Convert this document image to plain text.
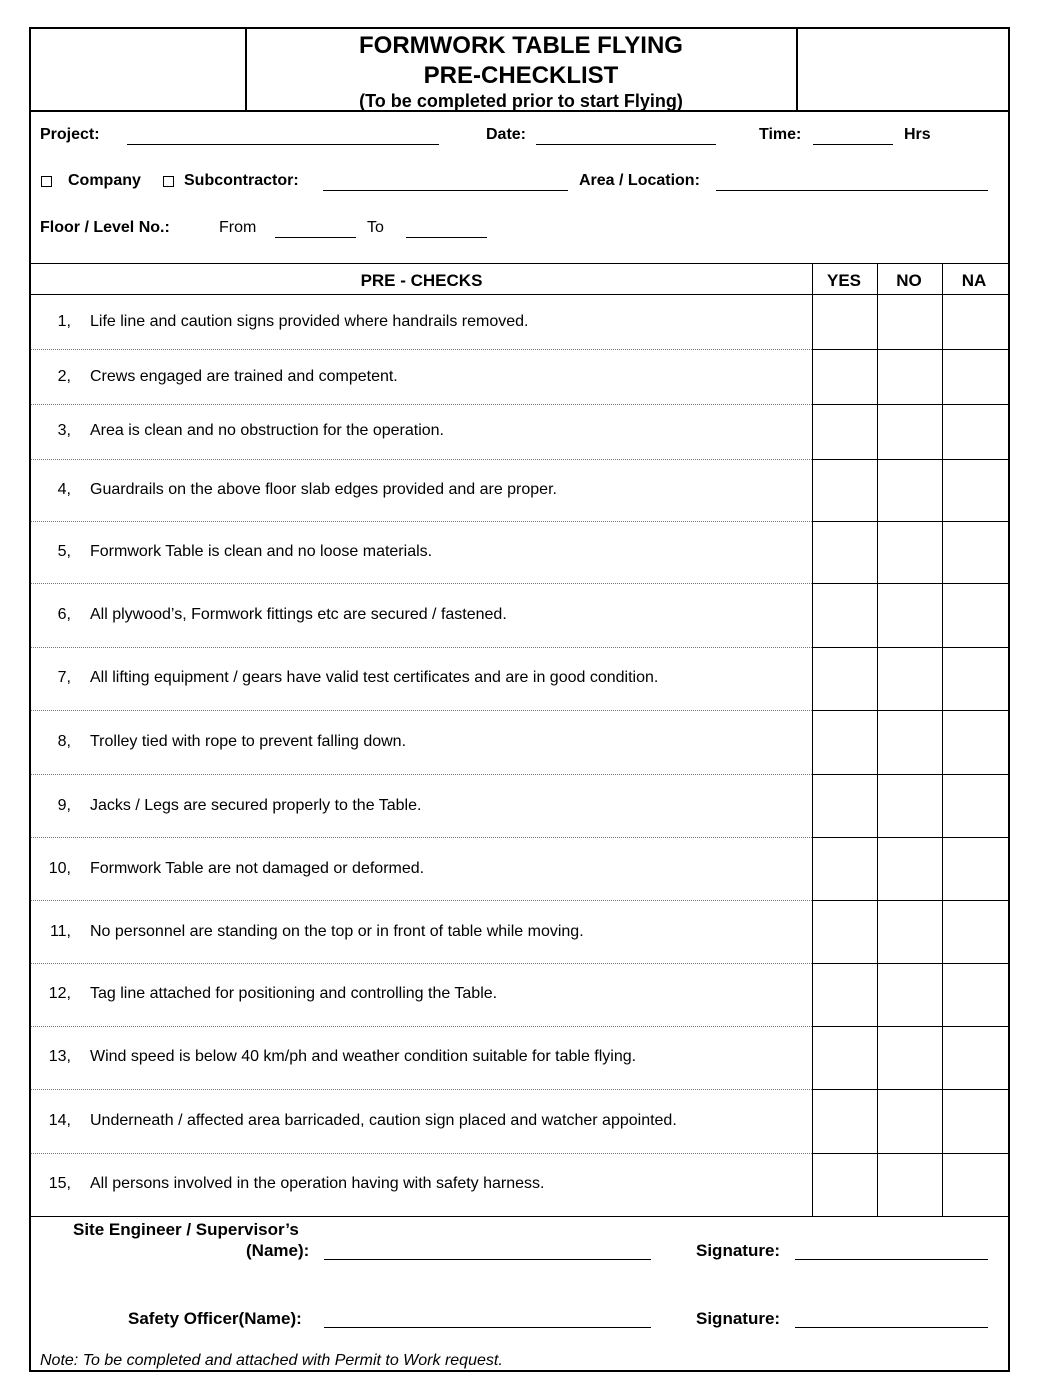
FORMWORK TABLE FLYING
PRE-CHECKLIST
(To be completed prior to start Flying)
Project:	Date:	Time:	Hrs
Company	Subcontractor:	Area / Location:
Floor / Level No.:	From	To
PRE - CHECKS	YES	NO	NA
1, Life line and caution signs provided where handrails removed.
2, Crews engaged are trained and competent.
3, Area is clean and no obstruction for the operation.
4, Guardrails on the above floor slab edges provided and are proper.
5, Formwork Table is clean and no loose materials.
6, All plywood’s, Formwork fittings etc are secured / fastened.
7, All lifting equipment / gears have valid test certificates and are in good condition.
8, Trolley tied with rope to prevent falling down.
9, Jacks / Legs are secured properly to the Table.
10, Formwork Table are not damaged or deformed.
11, No personnel are standing on the top or in front of table while moving.
12, Tag line attached for positioning and controlling the Table.
13, Wind speed is below 40 km/ph and weather condition suitable for table flying.
14, Underneath / affected area barricaded, caution sign placed and watcher appointed.
15, All persons involved in the operation having with safety harness.
Site Engineer / Supervisor’s
(Name):	Signature:
Safety Officer(Name):	Signature:
Note: To be completed and attached with Permit to Work request.
